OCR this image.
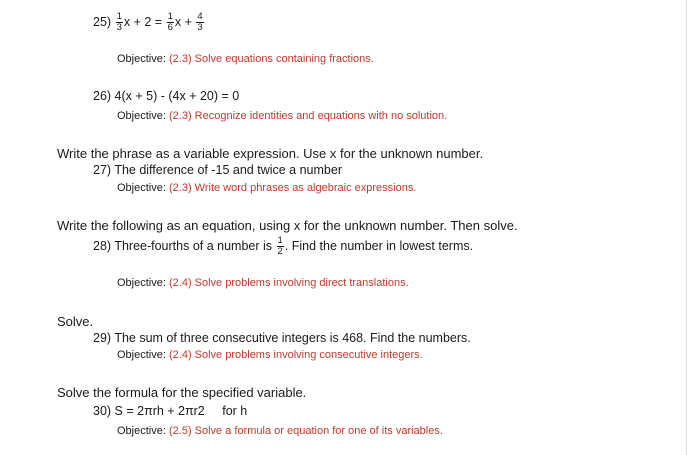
$25) \frac{1}{3}$ $x + 2 = \frac{1}{6}$ $x + \frac{4}{3}$
Objective: (2.3) Solve equations containing fractions.
26) 4(x + 5) - (4x + 20) = 0
Objective: (2.3) Recognize identities and equations with no solution.
Write the phrase as a variable expression. Use x for the unknown number.
27) The difference of -15 and twice a number
Objective: (2.3) Write word phrases as algebraic expressions.
Write the following as an equation, using x for the unknown number. Then solve.
28) Three-fourths of a number is $\frac{1}{2}$ . Find the number in lowest terms.
Objective: (2.4) Solve problems involving direct translations.
Solve.
29) The sum of three consecutive integers is 468. Find the numbers.
Objective: (2.4) Solve problems involving consecutive integers.
Solve the formula for the specified variable.
30) S = 2πrh + 2πr2 for h
Objective: (2.5) Solve a formula or equation for one of its variables.
